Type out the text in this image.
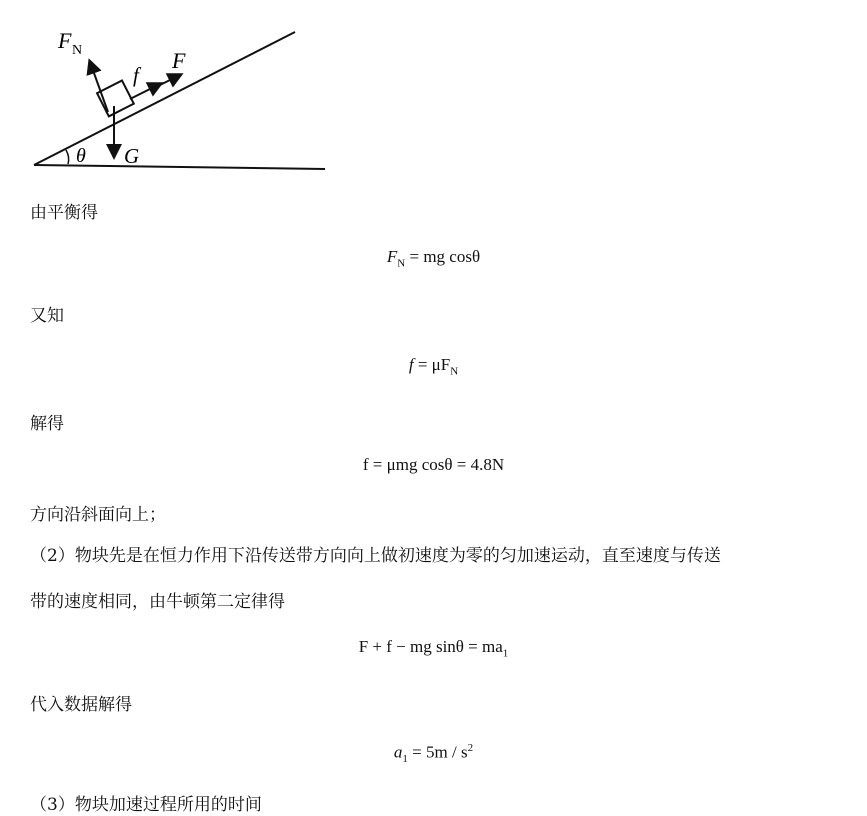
F N
f
F
θ G
由平衡得
$F_N$ = mg cosθ
又知
$f = \mu F_N$
解得
f = μmg cosθ = 4.8N
方向沿斜面向上；
（2）物块先是在恒力作用下沿传送带方向向上做初速度为零的匀加速运动，直至速度与传送
带的速度相同，由牛顿第二定律得
F + f − mg $\sin\theta = ma_1$
代入数据解得
$a_1 = 5m / s^2$
（3）物块加速过程所用的时间
